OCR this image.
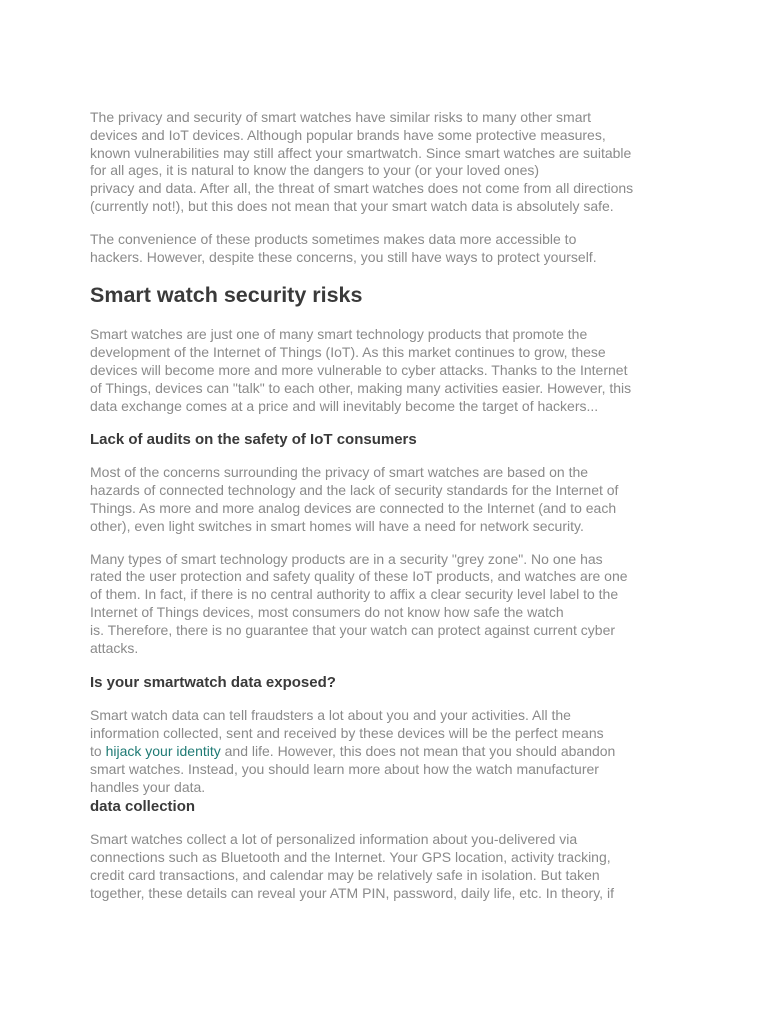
The privacy and security of smart watches have similar risks to many other smart
devices and IoT devices. Although popular brands have some protective measures,
known vulnerabilities may still affect your smartwatch. Since smart watches are suitable
for all ages, it is natural to know the dangers to your (or your loved ones)
privacy and data. After all, the threat of smart watches does not come from all directions
(currently not!), but this does not mean that your smart watch data is absolutely safe.

The convenience of these products sometimes makes data more accessible to
hackers. However, despite these concerns, you still have ways to protect yourself.

Smart watch security risks

Smart watches are just one of many smart technology products that promote the
development of the Internet of Things (IoT). As this market continues to grow, these
devices will become more and more vulnerable to cyber attacks. Thanks to the Internet
of Things, devices can "talk" to each other, making many activities easier. However, this
data exchange comes at a price and will inevitably become the target of hackers...

Lack of audits on the safety of IoT consumers

Most of the concerns surrounding the privacy of smart watches are based on the
hazards of connected technology and the lack of security standards for the Internet of
Things. As more and more analog devices are connected to the Internet (and to each
other), even light switches in smart homes will have a need for network security.

Many types of smart technology products are in a security "grey zone". No one has
rated the user protection and safety quality of these IoT products, and watches are one
of them. In fact, if there is no central authority to affix a clear security level label to the
Internet of Things devices, most consumers do not know how safe the watch
is. Therefore, there is no guarantee that your watch can protect against current cyber
attacks.

Is your smartwatch data exposed?

Smart watch data can tell fraudsters a lot about you and your activities. All the
information collected, sent and received by these devices will be the perfect means
to hijack your identity and life. However, this does not mean that you should abandon
smart watches. Instead, you should learn more about how the watch manufacturer
handles your data.

data collection

Smart watches collect a lot of personalized information about you-delivered via
connections such as Bluetooth and the Internet. Your GPS location, activity tracking,
credit card transactions, and calendar may be relatively safe in isolation. But taken
together, these details can reveal your ATM PIN, password, daily life, etc. In theory, if
